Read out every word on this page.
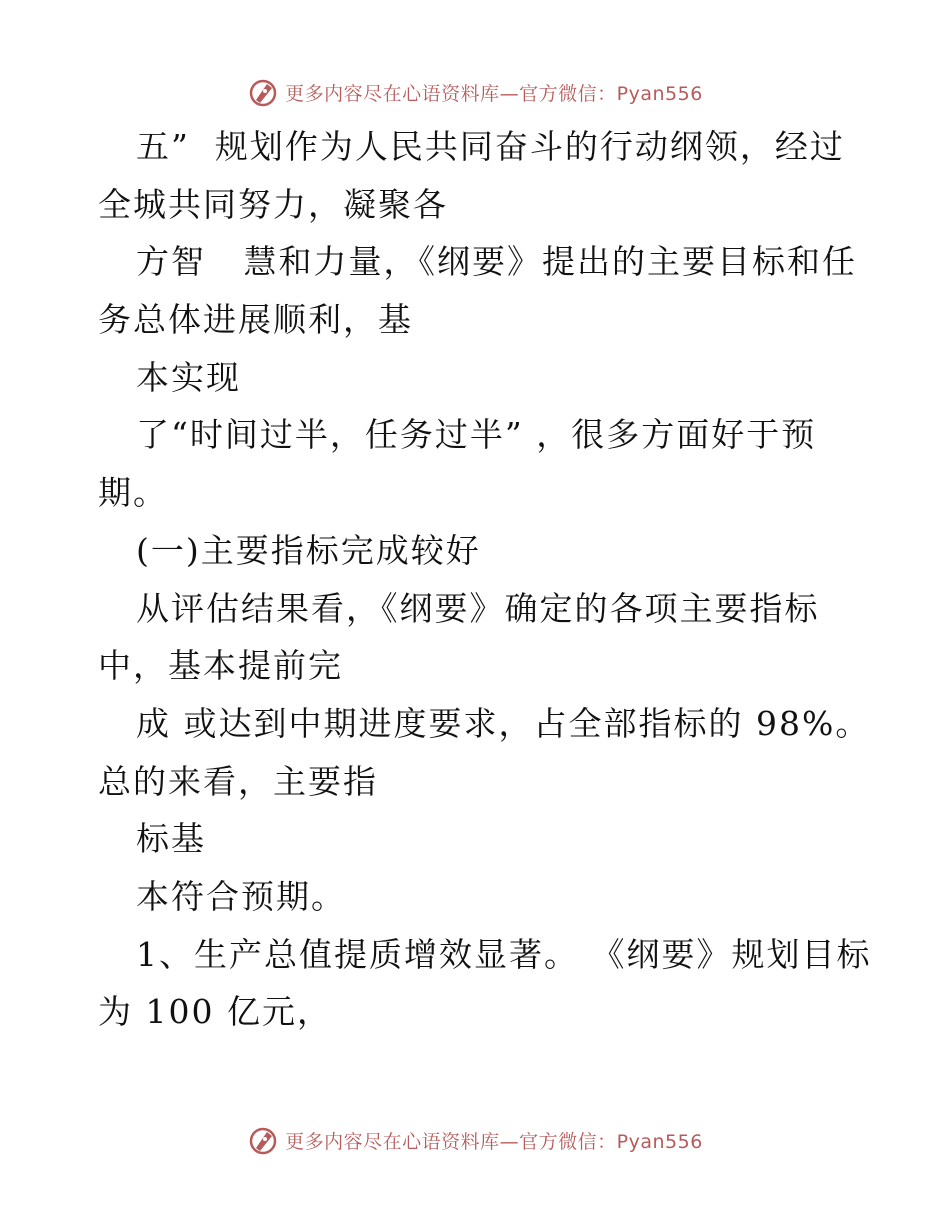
更多内容尽在心语资料库—官方微信：Pyan556
五”  规划作为人民共同奋斗的行动纲领，经过
全城共同努力，凝聚各
方智   慧和力量，《纲要》提出的主要目标和任
务总体进展顺利，基
本实现
了“时间过半，任务过半” ，很多方面好于预
期。
(一)主要指标完成较好
从评估结果看，《纲要》确定的各项主要指标
中，基本提前完
成 或达到中期进度要求，占全部指标的 98%。
总的来看，主要指
标基
本符合预期。
1、生产总值提质增效显著。 《纲要》规划目标
为 100 亿元，
更多内容尽在心语资料库—官方微信：Pyan556
